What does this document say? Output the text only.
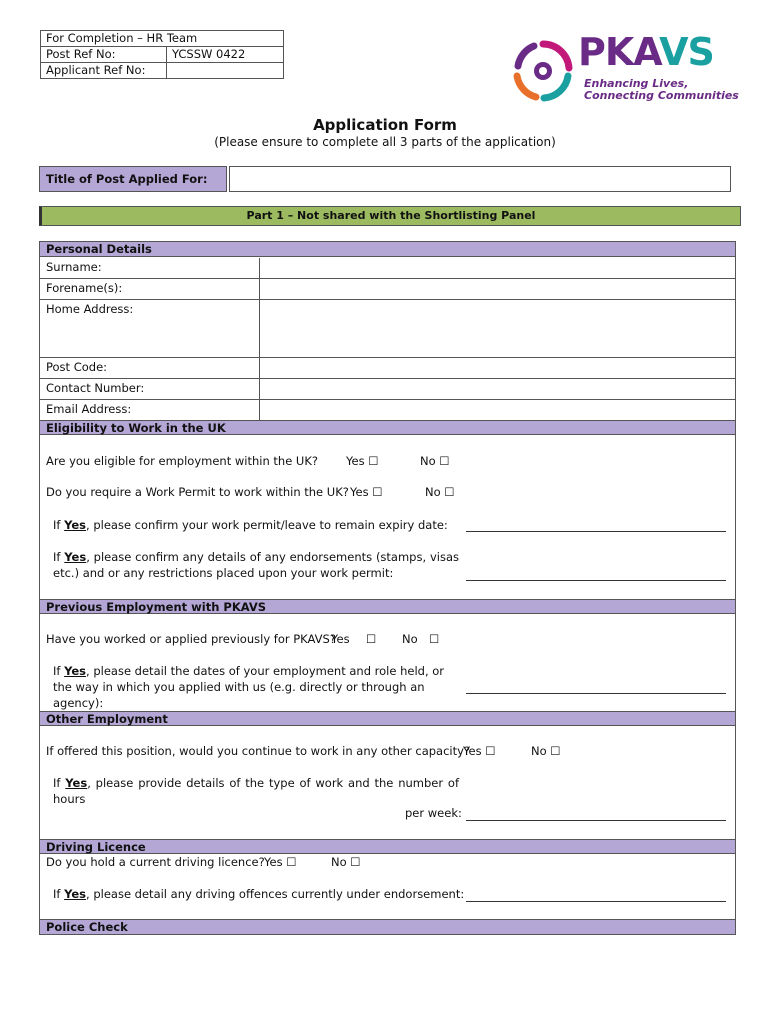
For Completion – HR Team	
Post Ref No:	YCSSW 0422
Applicant Ref No:		PKAVS
Enhancing Lives,
Connecting Communities
Application Form
(Please ensure to complete all 3 parts of the application)
Title of Post Applied For:
Part 1 – Not shared with the Shortlisting Panel
Personal Details
Surname:
Forename(s):
Home Address:
Post Code:
Contact Number:
Email Address:
Eligibility to Work in the UK
Are you eligible for employment within the UK? Yes ☐	No ☐
Do you require a Work Permit to work within the UK? Yes ☐	No ☐
If Yes, please confirm your work permit/leave to remain expiry date:
If Yes, please confirm any details of any endorsements (stamps, visas etc.) and or any restrictions placed upon your work permit:
Previous Employment with PKAVS
Have you worked or applied previously for PKAVS?
Yes ☐ No ☐
If Yes, please detail the dates of your employment and role held, or the way in which you applied with us (e.g. directly or through an agency):
Other Employment
If offered this position, would you continue to work in any other capacity?
Yes ☐	No ☐
If Yes, please provide details of the type of work and the number of hours
per week:
Driving Licence
Do you hold a current driving licence? Yes ☐	No ☐
If Yes, please detail any driving offences currently under endorsement:
Police Check
